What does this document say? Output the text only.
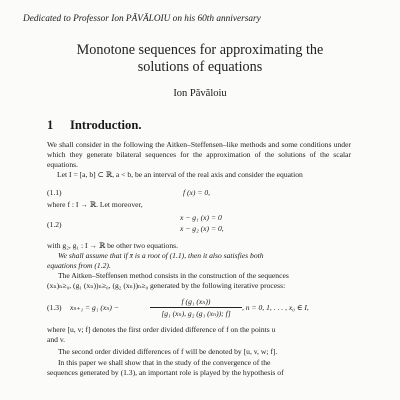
Dedicated to Professor Ion PĂVĂLOIU on his 60th anniversary
Monotone sequences for approximating the
solutions of equations
Ion Păvăloiu
1 Introduction.
We shall consider in the following the Aitken–Steffensen–like methods and some conditions under which they generate bilateral sequences for the approximation of the solutions of the scalar equations.
Let I = [a, b] ⊂ ℝ, a < b, be an interval of the real axis and consider the equation
(1.1)	f (x) = 0,
where f : I → ℝ. Let moreover,
(1.2)
x − g₁ (x) = 0
x − g₂ (x) = 0,
with g₂, g₁ : I → ℝ be other two equations.
We shall assume that if x̄ is a root of (1.1), then it also satisfies both
equations from (1.2).
The Aitken–Steffensen method consists in the construction of the sequences
(xₙ)ₙ≥₀, (g₁ (xₙ))ₙ≥₀, (g₂ (xₙ))ₙ≥₀ generated by the following iterative process:
(1.3) xₙ₊₁ = g₁ (xₙ) −
f (g₁ (xₙ))
[g₁ (xₙ), g₂ (g₁ (xₙ)); f]
, n = 0, 1, . . . , x₀ ∈ I,
where [u, v; f] denotes the first order divided difference of f on the points u
and v.
The second order divided differences of f will be denoted by [u, v, w; f].
In this paper we shall show that in the study of the convergence of the
sequences generated by (1.3), an important role is played by the hypothesis of
